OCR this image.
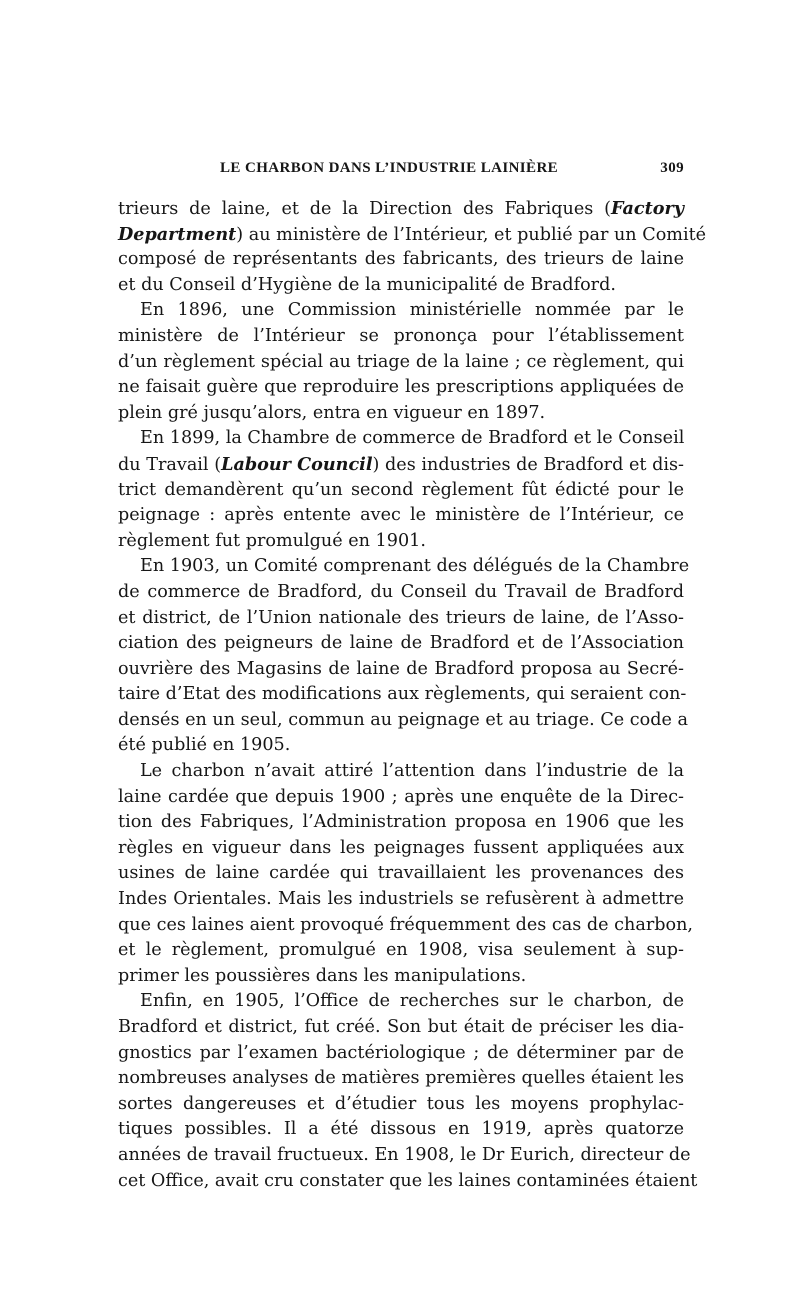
LE CHARBON DANS L’INDUSTRIE LAINIÈRE	309
trieurs de laine, et de la Direction des Fabriques (Factory
Department) au ministère de l’Intérieur, et publié par un Comité
composé de représentants des fabricants, des trieurs de laine
et du Conseil d’Hygiène de la municipalité de Bradford.
En 1896, une Commission ministérielle nommée par le
ministère de l’Intérieur se prononça pour l’établissement
d’un règlement spécial au triage de la laine ; ce règlement, qui
ne faisait guère que reproduire les prescriptions appliquées de
plein gré jusqu’alors, entra en vigueur en 1897.
En 1899, la Chambre de commerce de Bradford et le Conseil
du Travail (Labour Council) des industries de Bradford et dis-
trict demandèrent qu’un second règlement fût édicté pour le
peignage : après entente avec le ministère de l’Intérieur, ce
règlement fut promulgué en 1901.
En 1903, un Comité comprenant des délégués de la Chambre
de commerce de Bradford, du Conseil du Travail de Bradford
et district, de l’Union nationale des trieurs de laine, de l’Asso-
ciation des peigneurs de laine de Bradford et de l’Association
ouvrière des Magasins de laine de Bradford proposa au Secré-
taire d’Etat des modifications aux règlements, qui seraient con-
densés en un seul, commun au peignage et au triage. Ce code a
été publié en 1905.
Le charbon n’avait attiré l’attention dans l’industrie de la
laine cardée que depuis 1900 ; après une enquête de la Direc-
tion des Fabriques, l’Administration proposa en 1906 que les
règles en vigueur dans les peignages fussent appliquées aux
usines de laine cardée qui travaillaient les provenances des
Indes Orientales. Mais les industriels se refusèrent à admettre
que ces laines aient provoqué fréquemment des cas de charbon,
et le règlement, promulgué en 1908, visa seulement à sup-
primer les poussières dans les manipulations.
Enfin, en 1905, l’Office de recherches sur le charbon, de
Bradford et district, fut créé. Son but était de préciser les dia-
gnostics par l’examen bactériologique ; de déterminer par de
nombreuses analyses de matières premières quelles étaient les
sortes dangereuses et d’étudier tous les moyens prophylac-
tiques possibles. Il a été dissous en 1919, après quatorze
années de travail fructueux. En 1908, le Dr Eurich, directeur de
cet Office, avait cru constater que les laines contaminées étaient
